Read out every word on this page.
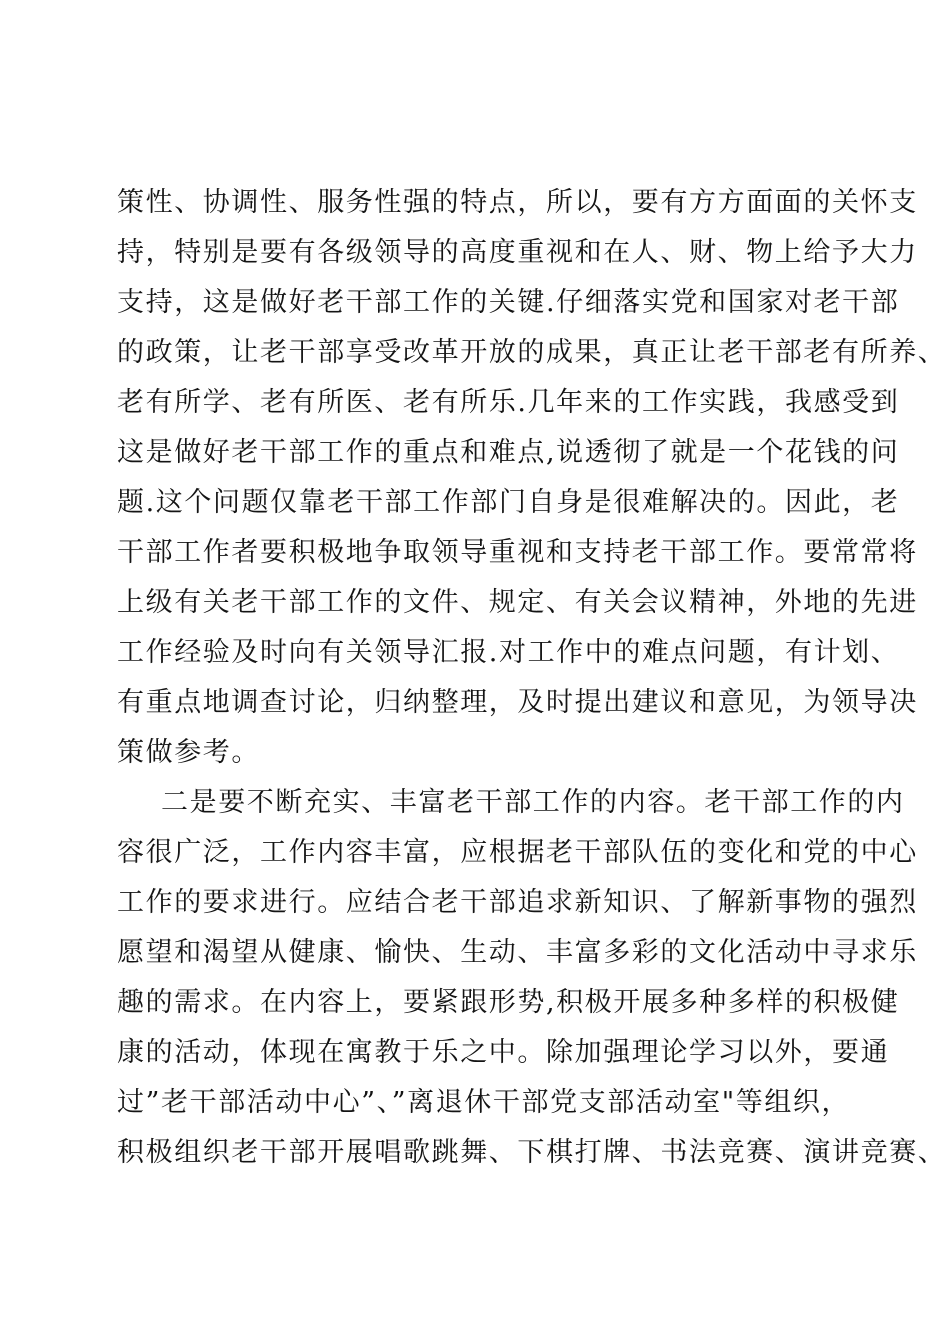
策性、协调性、服务性强的特点，所以，要有方方面面的关怀支
持，特别是要有各级领导的高度重视和在人、财、物上给予大力
支持，这是做好老干部工作的关键.仔细落实党和国家对老干部
的政策，让老干部享受改革开放的成果，真正让老干部老有所养、
老有所学、老有所医、老有所乐.几年来的工作实践，我感受到
这是做好老干部工作的重点和难点,说透彻了就是一个花钱的问
题.这个问题仅靠老干部工作部门自身是很难解决的。因此，老
干部工作者要积极地争取领导重视和支持老干部工作。要常常将
上级有关老干部工作的文件、规定、有关会议精神，外地的先进
工作经验及时向有关领导汇报.对工作中的难点问题，有计划、
有重点地调查讨论，归纳整理，及时提出建议和意见，为领导决
策做参考。
二是要不断充实、丰富老干部工作的内容。老干部工作的内
容很广泛，工作内容丰富，应根据老干部队伍的变化和党的中心
工作的要求进行。应结合老干部追求新知识、了解新事物的强烈
愿望和渴望从健康、愉快、生动、丰富多彩的文化活动中寻求乐
趣的需求。在内容上，要紧跟形势,积极开展多种多样的积极健
康的活动，体现在寓教于乐之中。除加强理论学习以外，要通
过”老干部活动中心”、”离退休干部党支部活动室"等组织，
积极组织老干部开展唱歌跳舞、下棋打牌、书法竞赛、演讲竞赛、
